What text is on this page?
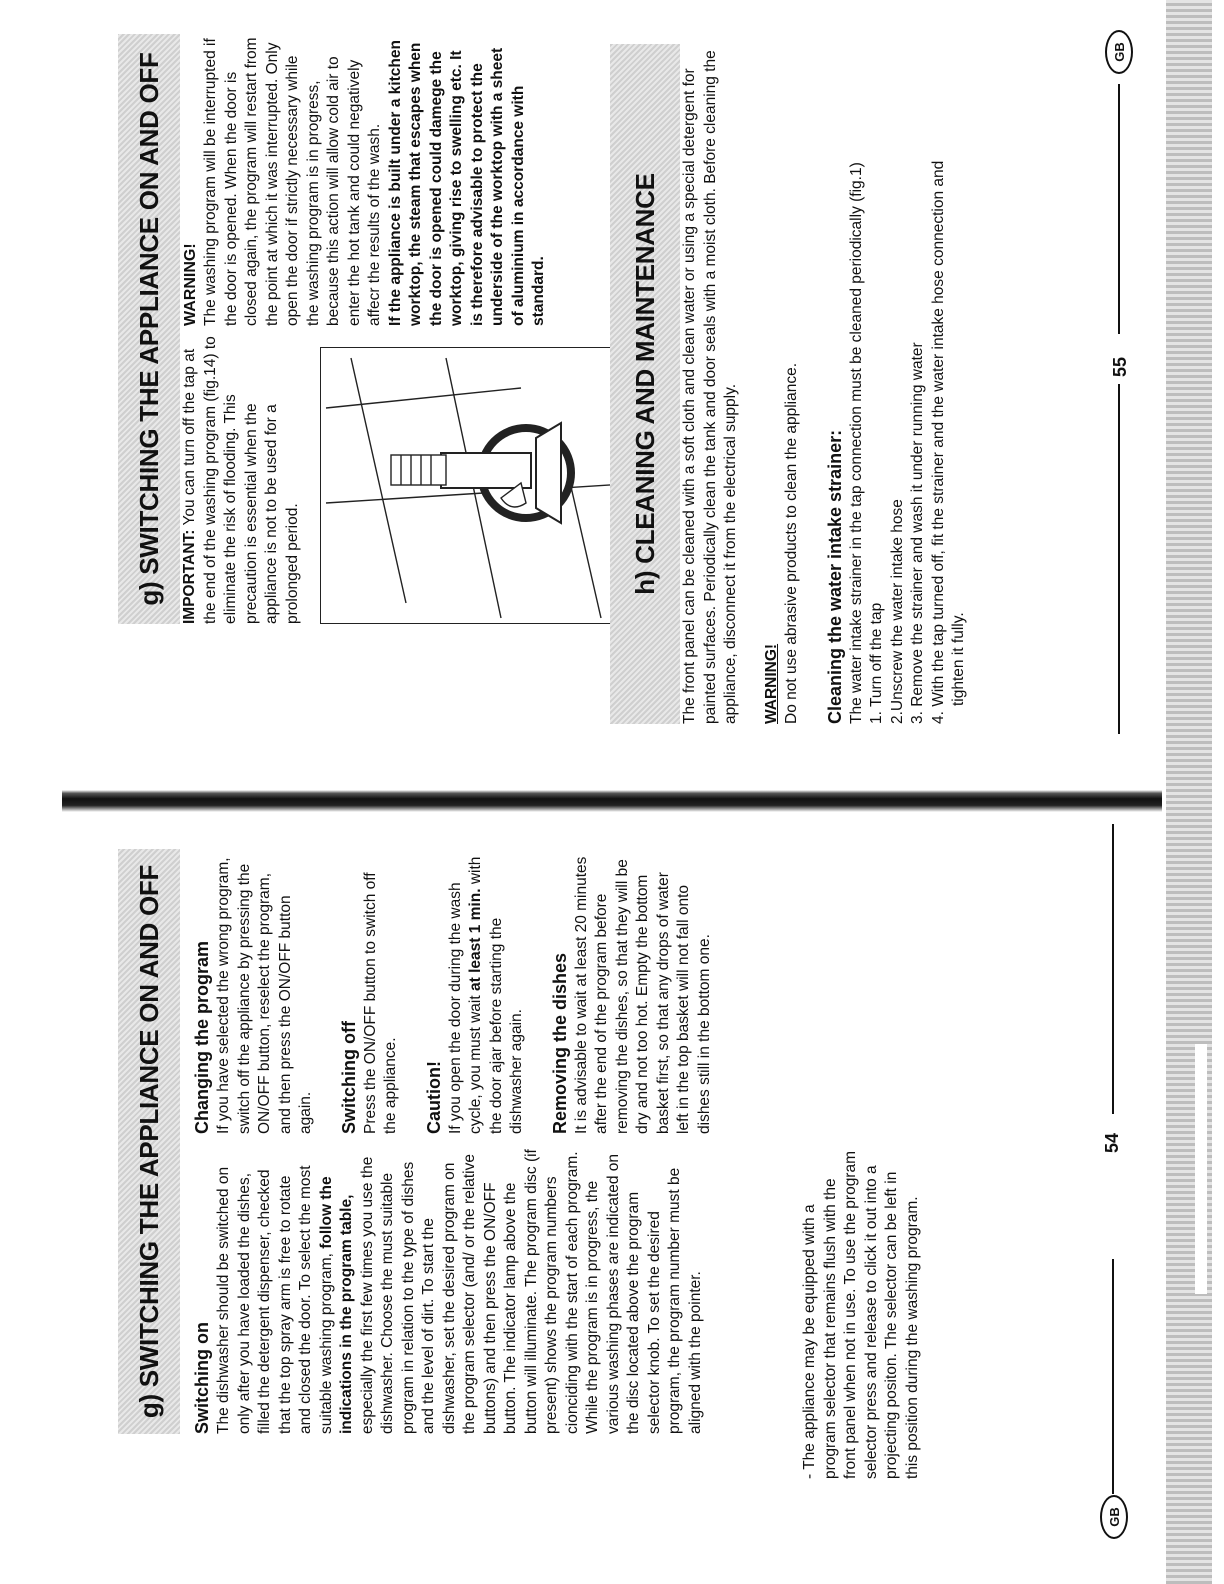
g) SWITCHING THE APPLIANCE ON AND OFF Switching on The dishwasher should be switched on only after you have loaded the dishes, filled the detergent dispenser, checked that the top spray arm is free to rotate and closed the door. To select the most suitable washing program, follow the indications in the program table, especially the first few times you use the dishwasher. Choose the must suitable program in relation to the type of dishes and the level of dirt. To start the dishwasher, set the desired program on the program selector (and/ or the relative buttons) and then press the ON/OFF button. The indicator lamp above the button will illuminate. The program disc (if present) shows the program numbers cionciding with the start of each program. While the program is in progress, the various washing phases are indicated on the disc located above the program selector knob. To set the desired program, the program number must be aligned with the pointer.	- The appliance may be equipped with a program selector that remains flush with the front panel when not in use. To use the program selector press and release to click it out into a projecting positon. The selector can be left in this position during the washing program.

Changing the program If you have selected the wrong program, switch off the appliance by pressing the ON/OFF button, reselect the program, and then press the ON/OFF button again. Switching off Press the ON/OFF button to switch off the appliance. Caution! If you open the door during the wash cycle, you must wait at least 1 min. with the door ajar before starting the dishwasher again. Removing the dishes It is advisable to wait at least 20 minutes after the end of the program before removing the dishes, so that they will be dry and not too hot. Empty the bottom basket first, so that any drops of water left in the top basket will not fall onto dishes still in the bottom one.

GB
54
g) SWITCHING THE APPLIANCE ON AND OFF IMPORTANT: You can turn off the tap at the end of the washing program (fig.14) to eliminate the risk of flooding. This precaution is essential when the appliance is not to be used for a prolonged period.

WARNING! The washing program will be interrupted if the door is opened. When the door is closed again, the program will restart from the point at which it was interrupted. Only open the door if strictly necessary while the washing program is in progress, because this action will allow cold air to enter the hot tank and could negatively affecr the results of the wash. If the appliance is built under a kitchen worktop, the steam that escapes when the door is opened could damege the worktop, giving rise to swelling etc. It is therefore advisable to protect the underside of the worktop with a sheet of aluminium in accordance with standard.	h) CLEANING AND MAINTENANCE The front panel can be cleaned with a soft cloth and clean water or using a special detergent for painted surfaces. Periodically clean the tank and door seals with a moist cloth. Before cleaning the appliance, disconnect it from the electrical supply. WARNING! Do not use abrasive products to clean the appliance. Cleaning the water intake strainer: The water intake strainer in the tap connection must be cleaned periodically (fig.1) 1. Turn off the tap 2.Unscrew the water intake hose 3. Remove the strainer and wash it under running water 4. With the tap turned off, fit the strainer and the water intake hose connection and tighten it fully.

55
GB
